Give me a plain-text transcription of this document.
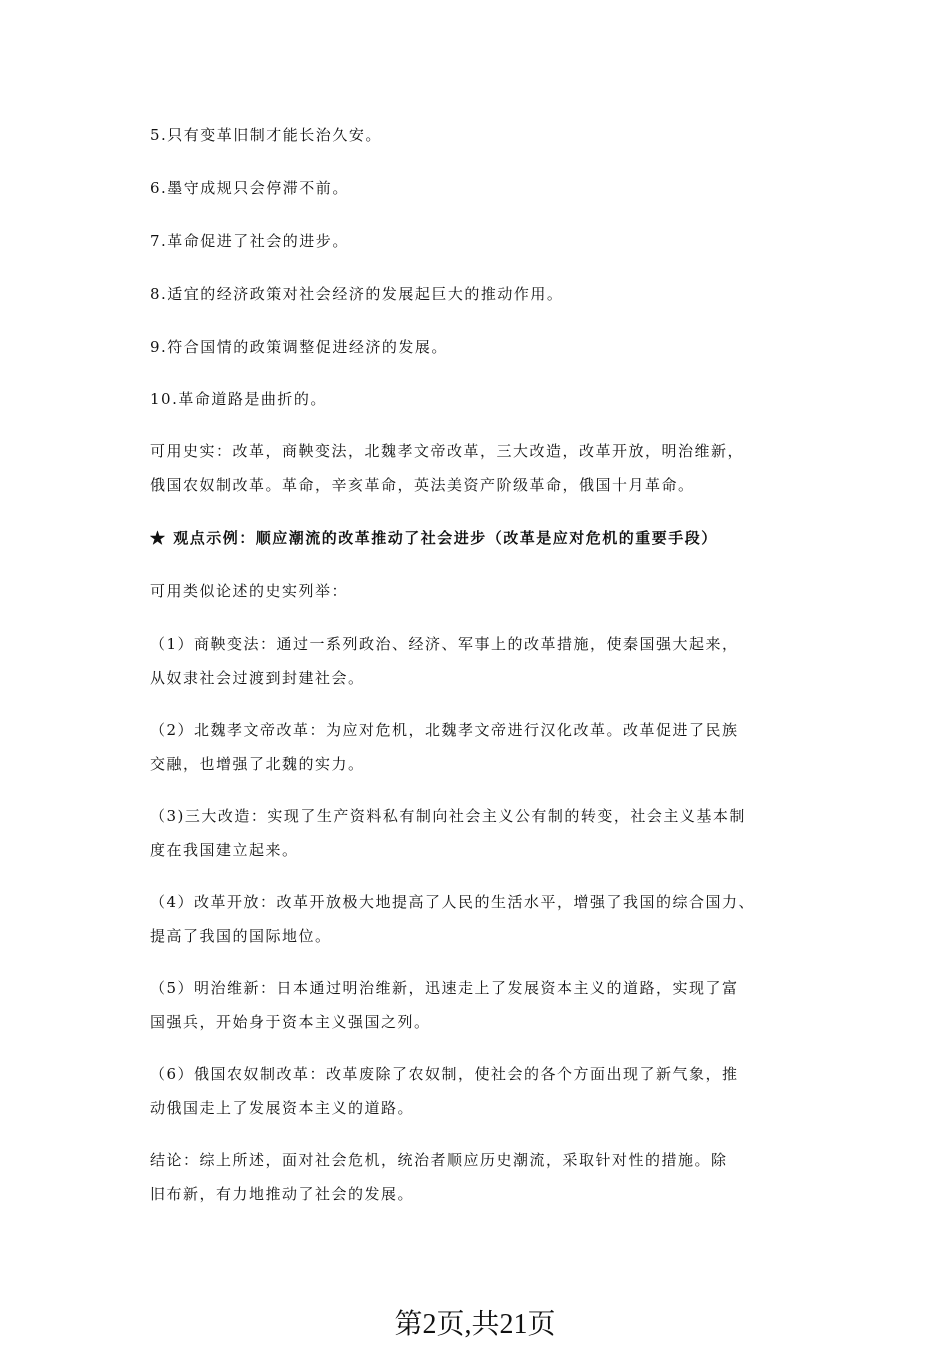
5.只有变革旧制才能长治久安。
6.墨守成规只会停滞不前。
7.革命促进了社会的进步。
8.适宜的经济政策对社会经济的发展起巨大的推动作用。
9.符合国情的政策调整促进经济的发展。
10.革命道路是曲折的。
可用史实：改革，商鞅变法，北魏孝文帝改革，三大改造，改革开放，明治维新，
俄国农奴制改革。革命，辛亥革命，英法美资产阶级革命，俄国十月革命。
★ 观点示例：顺应潮流的改革推动了社会进步（改革是应对危机的重要手段）
可用类似论述的史实列举：
（1）商鞅变法：通过一系列政治、经济、军事上的改革措施，使秦国强大起来，
从奴隶社会过渡到封建社会。
（2）北魏孝文帝改革：为应对危机，北魏孝文帝进行汉化改革。改革促进了民族
交融，也增强了北魏的实力。
（3)三大改造：实现了生产资料私有制向社会主义公有制的转变，社会主义基本制
度在我国建立起来。
（4）改革开放：改革开放极大地提高了人民的生活水平，增强了我国的综合国力、
提高了我国的国际地位。
（5）明治维新：日本通过明治维新，迅速走上了发展资本主义的道路，实现了富
国强兵，开始身于资本主义强国之列。
（6）俄国农奴制改革：改革废除了农奴制，使社会的各个方面出现了新气象，推
动俄国走上了发展资本主义的道路。
结论：综上所述，面对社会危机，统治者顺应历史潮流，采取针对性的措施。除
旧布新，有力地推动了社会的发展。
第2页,共21页
